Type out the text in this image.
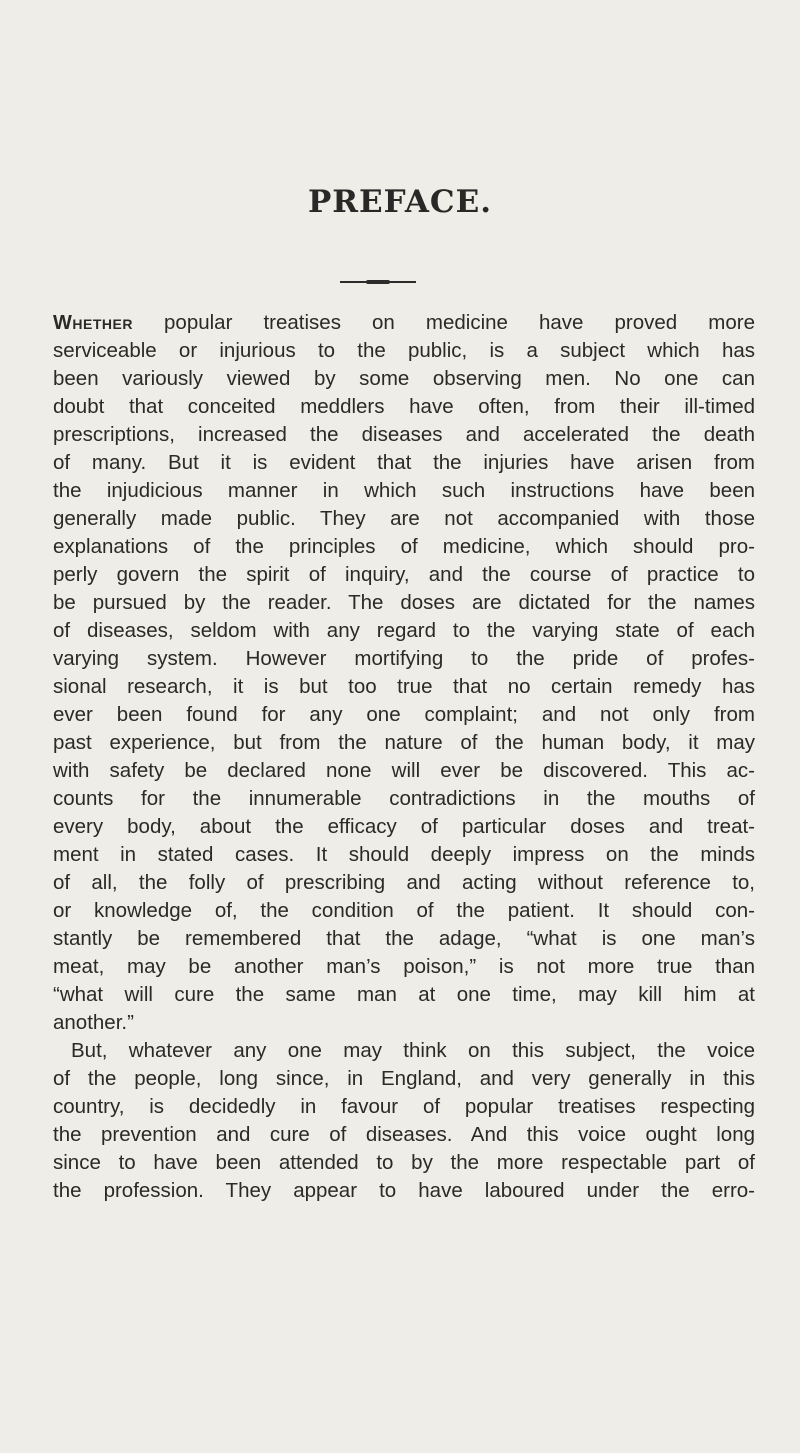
PREFACE.
Whether popular treatises on medicine have proved more
serviceable or injurious to the public, is a subject which has
been variously viewed by some observing men. No one can
doubt that conceited meddlers have often, from their ill-timed
prescriptions, increased the diseases and accelerated the death
of many. But it is evident that the injuries have arisen from
the injudicious manner in which such instructions have been
generally made public. They are not accompanied with those
explanations of the principles of medicine, which should pro-
perly govern the spirit of inquiry, and the course of practice to
be pursued by the reader. The doses are dictated for the names
of diseases, seldom with any regard to the varying state of each
varying system. However mortifying to the pride of profes-
sional research, it is but too true that no certain remedy has
ever been found for any one complaint; and not only from
past experience, but from the nature of the human body, it may
with safety be declared none will ever be discovered. This ac-
counts for the innumerable contradictions in the mouths of
every body, about the efficacy of particular doses and treat-
ment in stated cases. It should deeply impress on the minds
of all, the folly of prescribing and acting without reference to,
or knowledge of, the condition of the patient. It should con-
stantly be remembered that the adage, “what is one man’s
meat, may be another man’s poison,” is not more true than
“what will cure the same man at one time, may kill him at
another.”
But, whatever any one may think on this subject, the voice
of the people, long since, in England, and very generally in this
country, is decidedly in favour of popular treatises respecting
the prevention and cure of diseases. And this voice ought long
since to have been attended to by the more respectable part of
the profession. They appear to have laboured under the erro-
